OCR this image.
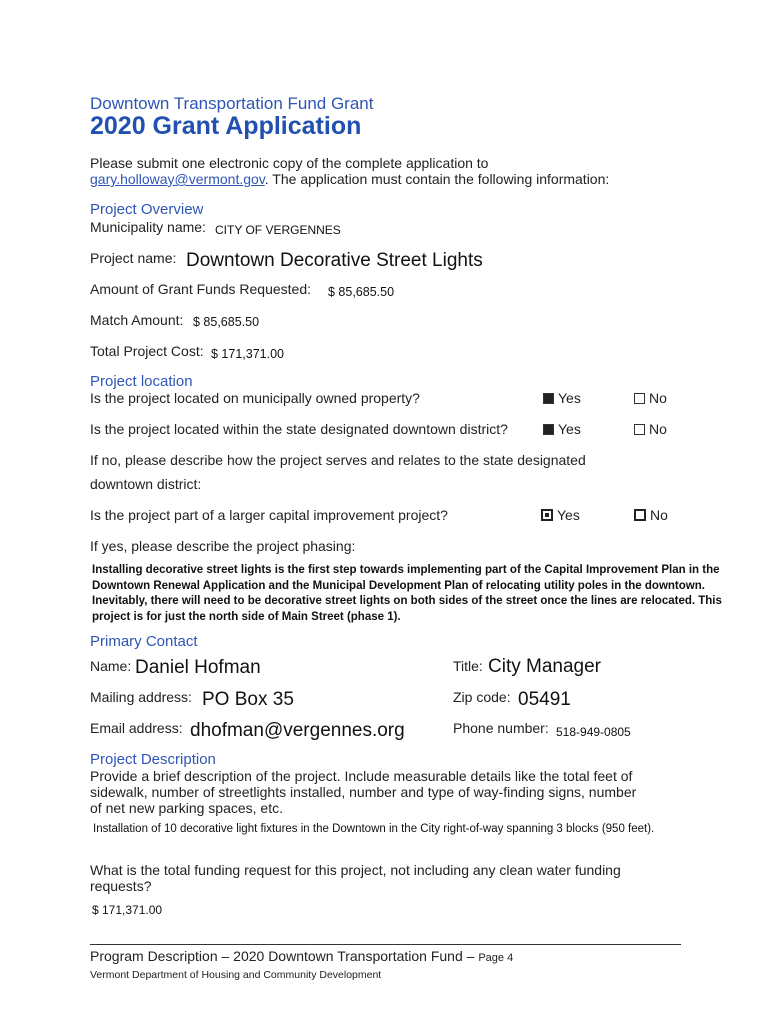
Downtown Transportation Fund Grant
2020 Grant Application
Please submit one electronic copy of the complete application to
gary.holloway@vermont.gov. The application must contain the following information:
Project Overview
Municipality name: CITY OF VERGENNES
Project name: Downtown Decorative Street Lights
Amount of Grant Funds Requested: $ 85,685.50
Match Amount: $ 85,685.50
Total Project Cost: $ 171,371.00
Project location
Is the project located on municipally owned property?	Yes	No
Is the project located within the state designated downtown district?	Yes	No
If no, please describe how the project serves and relates to the state designated
downtown district:
Is the project part of a larger capital improvement project?	Yes	No
If yes, please describe the project phasing:
Installing decorative street lights is the first step towards implementing part of the Capital Improvement Plan in the Downtown Renewal Application and the Municipal Development Plan of relocating utility poles in the downtown. Inevitably, there will need to be decorative street lights on both sides of the street once the lines are relocated. This project is for just the north side of Main Street (phase 1).
Primary Contact
Name: Daniel Hofman	Title: City Manager
Mailing address: PO Box 35	Zip code: 05491
Email address: dhofman@vergennes.org	Phone number: 518-949-0805
Project Description
Provide a brief description of the project. Include measurable details like the total feet of
sidewalk, number of streetlights installed, number and type of way-finding signs, number
of net new parking spaces, etc.
Installation of 10 decorative light fixtures in the Downtown in the City right-of-way spanning 3 blocks (950 feet).
What is the total funding request for this project, not including any clean water funding
requests?
$ 171,371.00
Program Description – 2020 Downtown Transportation Fund – Page 4
Vermont Department of Housing and Community Development
